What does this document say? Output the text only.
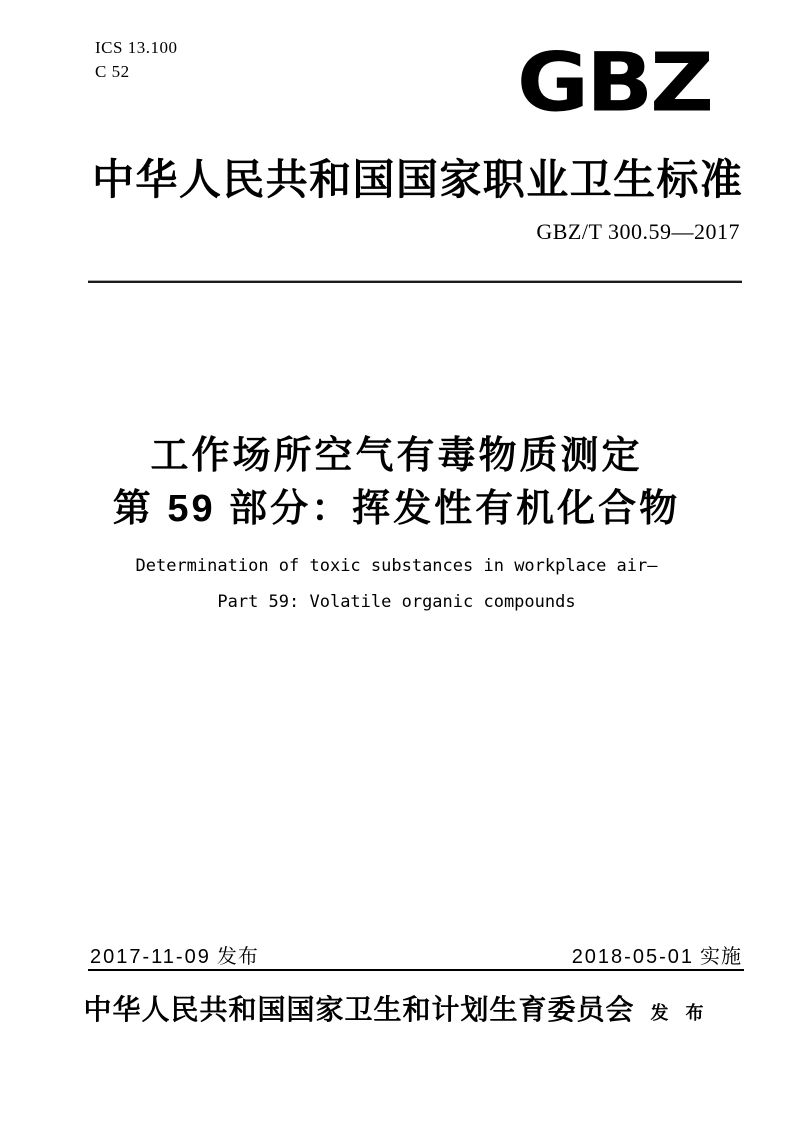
ICS 13.100
C 52	GBZ
中 华 人 民 共 和 国 国 家 职 业 卫 生 标 准
GBZ/T 300.59—2017
工作场所空气有毒物质测定
第 59 部分：挥发性有机化合物

Determination of toxic substances in workplace air—

Part 59: Volatile organic compounds

2017-11-09 发布	2018-05-01 实施
中华人民共和国国家卫生和计划生育委员会 发 布
